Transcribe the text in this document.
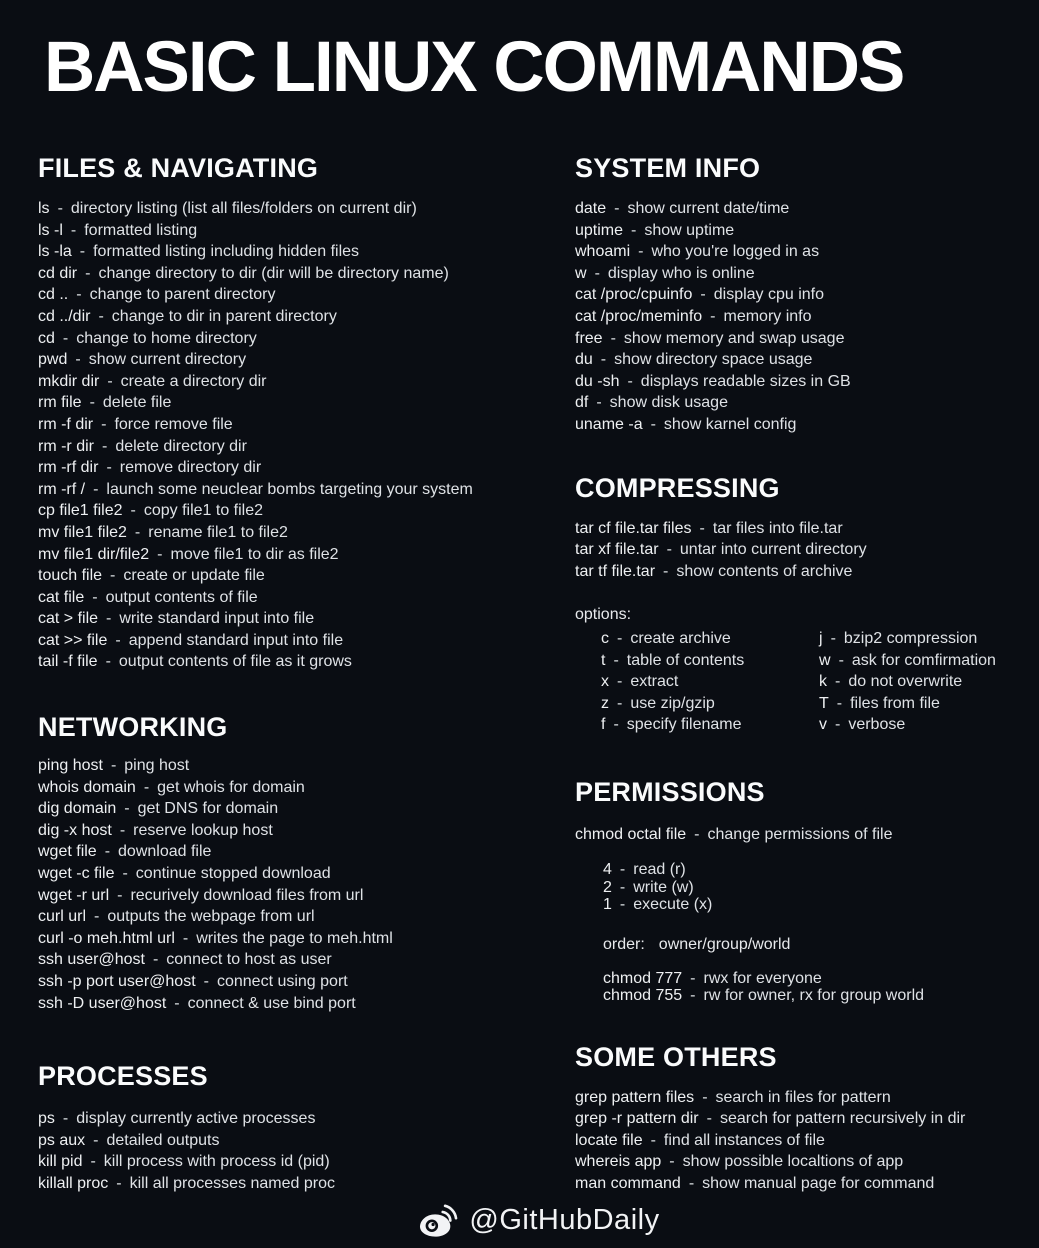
BASIC LINUX COMMANDS
FILES & NAVIGATING
ls - directory listing (list all files/folders on current dir)
ls -l - formatted listing
ls -la - formatted listing including hidden files
cd dir - change directory to dir (dir will be directory name)
cd .. - change to parent directory
cd ../dir - change to dir in parent directory
cd - change to home directory
pwd - show current directory
mkdir dir - create a directory dir
rm file - delete file
rm -f dir - force remove file
rm -r dir - delete directory dir
rm -rf dir - remove directory dir
rm -rf / - launch some neuclear bombs targeting your system
cp file1 file2 - copy file1 to file2
mv file1 file2 - rename file1 to file2
mv file1 dir/file2 - move file1 to dir as file2
touch file - create or update file
cat file - output contents of file
cat > file - write standard input into file
cat >> file - append standard input into file
tail -f file - output contents of file as it grows
NETWORKING
ping host - ping host
whois domain - get whois for domain
dig domain - get DNS for domain
dig -x host - reserve lookup host
wget file - download file
wget -c file - continue stopped download
wget -r url - recurively download files from url
curl url - outputs the webpage from url
curl -o meh.html url - writes the page to meh.html
ssh user@host - connect to host as user
ssh -p port user@host - connect using port
ssh -D user@host - connect & use bind port
PROCESSES
ps - display currently active processes
ps aux - detailed outputs
kill pid - kill process with process id (pid)
killall proc - kill all processes named proc
SYSTEM INFO
date - show current date/time
uptime - show uptime
whoami - who you're logged in as
w - display who is online
cat /proc/cpuinfo - display cpu info
cat /proc/meminfo - memory info
free - show memory and swap usage
du - show directory space usage
du -sh - displays readable sizes in GB
df - show disk usage
uname -a - show karnel config
COMPRESSING
tar cf file.tar files - tar files into file.tar
tar xf file.tar - untar into current directory
tar tf file.tar - show contents of archive
options:
c - create archive
t - table of contents
x - extract
z - use zip/gzip
f - specify filename
j - bzip2 compression
w - ask for comfirmation
k - do not overwrite
T - files from file
v - verbose
PERMISSIONS
chmod octal file - change permissions of file
4 - read (r)
2 - write (w)
1 - execute (x)
order: owner/group/world
chmod 777 - rwx for everyone
chmod 755 - rw for owner, rx for group world
SOME OTHERS
grep pattern files - search in files for pattern
grep -r pattern dir - search for pattern recursively in dir
locate file - find all instances of file
whereis app - show possible localtions of app
man command - show manual page for command
@GitHubDaily
